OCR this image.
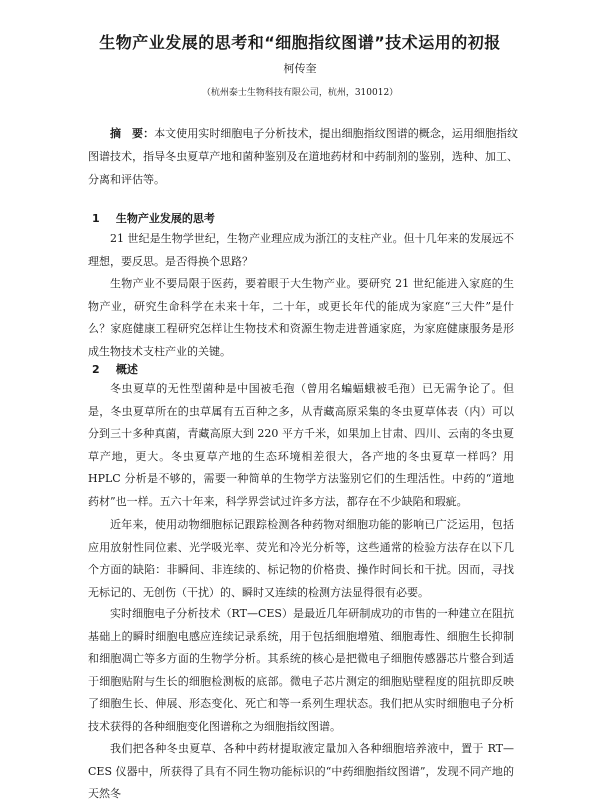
生物产业发展的思考和“细胞指纹图谱”技术运用的初报
柯传奎
（杭州泰士生物科技有限公司，杭州，310012）
摘　要：本文使用实时细胞电子分析技术，提出细胞指纹图谱的概念，运用细胞指纹图谱技术，指导冬虫夏草产地和菌种鉴别及在道地药材和中药制剂的鉴别，选种、加工、分离和评估等。
1 生物产业发展的思考
21 世纪是生物学世纪，生物产业理应成为浙江的支柱产业。但十几年来的发展远不理想，要反思。是否得换个思路？
生物产业不要局限于医药，要着眼于大生物产业。要研究 21 世纪能进入家庭的生物产业，研究生命科学在未来十年，二十年，或更长年代的能成为家庭“三大件”是什么？家庭健康工程研究怎样让生物技术和资源生物走进普通家庭，为家庭健康服务是形成生物技术支柱产业的关键。
2 概述
冬虫夏草的无性型菌种是中国被毛孢（曾用名蝙蝠蛾被毛孢）已无需争论了。但是，冬虫夏草所在的虫草属有五百种之多，从青藏高原采集的冬虫夏草体表（内）可以分到三十多种真菌，青藏高原大到 220 平方千米，如果加上甘肃、四川、云南的冬虫夏草产地，更大。冬虫夏草产地的生态环境相差很大，各产地的冬虫夏草一样吗？用 HPLC 分析是不够的，需要一种简单的生物学方法鉴别它们的生理活性。中药的“道地药材”也一样。五六十年来，科学界尝试过许多方法，都存在不少缺陷和瑕疵。
近年来，使用动物细胞标记跟踪检测各种药物对细胞功能的影响已广泛运用，包括应用放射性同位素、光学吸光率、荧光和冷光分析等，这些通常的检验方法存在以下几个方面的缺陷：非瞬间、非连续的、标记物的价格贵、操作时间长和干扰。因而，寻找无标记的、无创伤（干扰）的、瞬时又连续的检测方法显得很有必要。
实时细胞电子分析技术（RT—CES）是最近几年研制成功的市售的一种建立在阻抗基础上的瞬时细胞电感应连续记录系统，用于包括细胞增殖、细胞毒性、细胞生长抑制和细胞凋亡等多方面的生物学分析。其系统的核心是把微电子细胞传感器芯片整合到适于细胞贴附与生长的细胞检测板的底部。微电子芯片测定的细胞贴壁程度的阻抗即反映了细胞生长、伸展、形态变化、死亡和等一系列生理状态。我们把从实时细胞电子分析技术获得的各种细胞变化图谱称之为细胞指纹图谱。
我们把各种冬虫夏草、各种中药材提取液定量加入各种细胞培养液中，置于 RT—CES 仪器中，所获得了具有不同生物功能标识的“中药细胞指纹图谱”，发现不同产地的天然冬
